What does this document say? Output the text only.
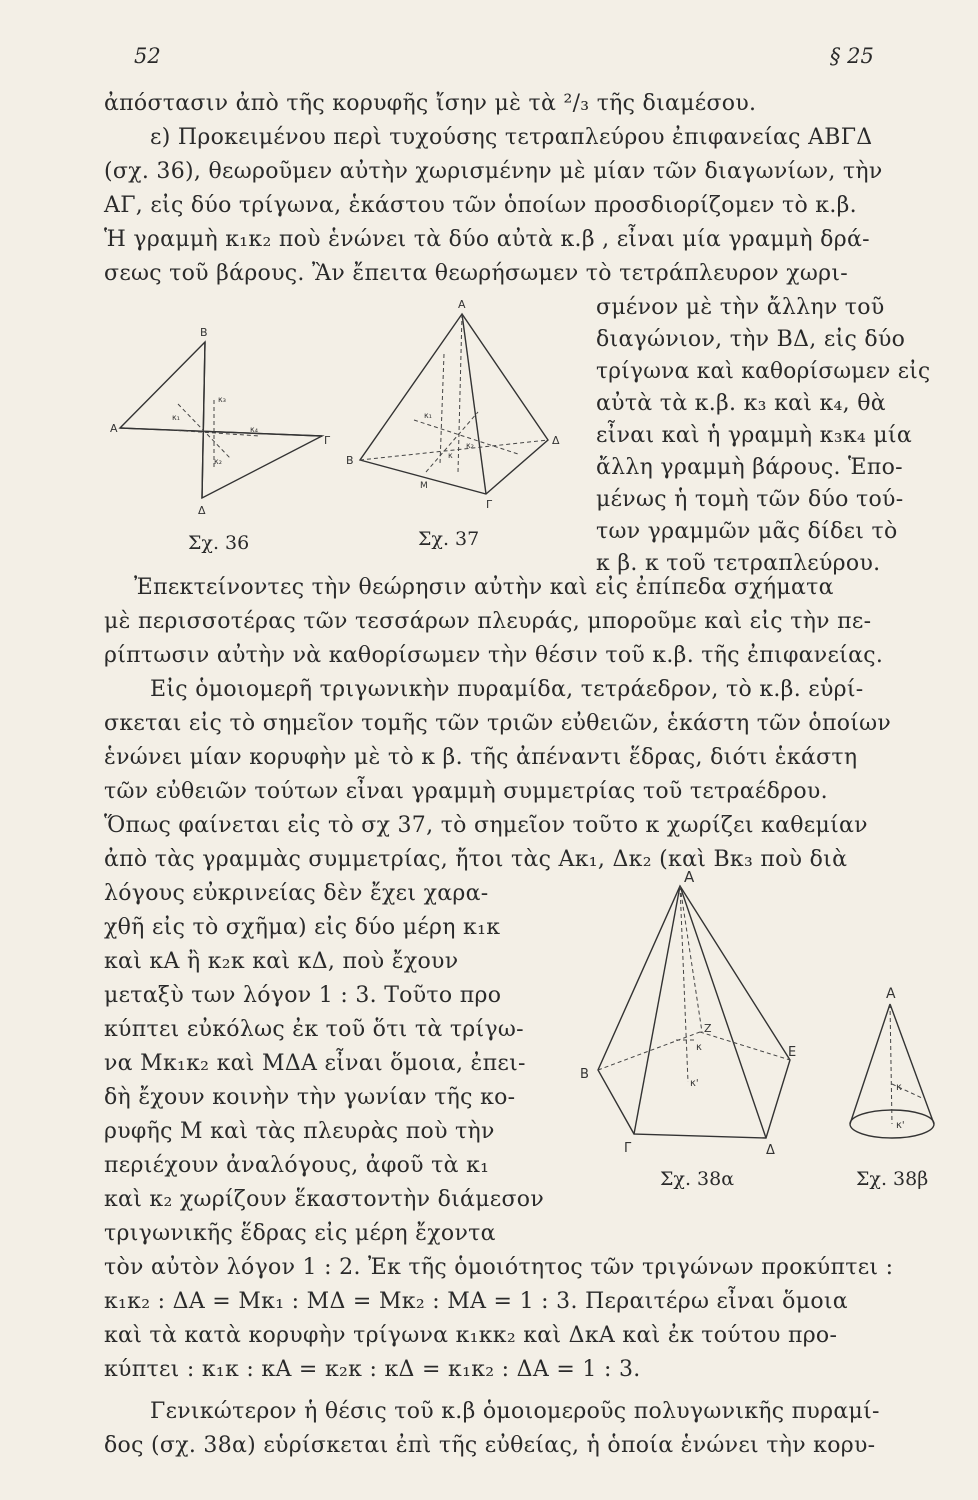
52	§ 25
ἀπόστασιν ἀπὸ τῆς κορυφῆς ἴσην μὲ τὰ ²/₃ τῆς διαμέσου.
ε) Προκειμένου περὶ τυχούσης τετραπλεύρου ἐπιφανείας ΑΒΓΔ
(σχ. 36), θεωροῦμεν αὐτὴν χωρισμένην μὲ μίαν τῶν διαγωνίων, τὴν
ΑΓ, εἰς δύο τρίγωνα, ἑκάστου τῶν ὁποίων προσδιορίζομεν τὸ κ.β.
Ἡ γραμμὴ κ₁κ₂ ποὺ ἑνώνει τὰ δύο αὐτὰ κ.β , εἶναι μία γραμμὴ δρά-
σεως τοῦ βάρους. Ἂν ἔπειτα θεωρήσωμεν τὸ τετράπλευρον χωρι-
σμένον μὲ τὴν ἄλλην τοῦ
διαγώνιον, τὴν ΒΔ, εἰς δύο
τρίγωνα καὶ καθορίσωμεν εἰς
αὐτὰ τὰ κ.β. κ₃ καὶ κ₄, θὰ
εἶναι καὶ ἡ γραμμὴ κ₃κ₄ μία
ἄλλη γραμμὴ βάρους. Ἑπο-
μένως ἡ τομὴ τῶν δύο τού-
των γραμμῶν μᾶς δίδει τὸ
κ β. κ τοῦ τετραπλεύρου.
Β
Α
Γ
Δ
κ₁
κ₂
κ₃
κ₄
Σχ. 36
Α
Β
Γ
Δ
Μ
κ₁
κ₂
κ
Σχ. 37
Ἐπεκτείνοντες τὴν θεώρησιν αὐτὴν καὶ εἰς ἐπίπεδα σχήματα
μὲ περισσοτέρας τῶν τεσσάρων πλευράς, μποροῦμε καὶ εἰς τὴν πε-
ρίπτωσιν αὐτὴν νὰ καθορίσωμεν τὴν θέσιν τοῦ κ.β. τῆς ἐπιφανείας.
Εἰς ὁμοιομερῆ τριγωνικὴν πυραμίδα, τετράεδρον, τὸ κ.β. εὑρί-
σκεται εἰς τὸ σημεῖον τομῆς τῶν τριῶν εὐθειῶν, ἑκάστη τῶν ὁποίων
ἑνώνει μίαν κορυφὴν μὲ τὸ κ β. τῆς ἀπέναντι ἕδρας, διότι ἑκάστη
τῶν εὐθειῶν τούτων εἶναι γραμμὴ συμμετρίας τοῦ τετραέδρου.
Ὅπως φαίνεται εἰς τὸ σχ 37, τὸ σημεῖον τοῦτο κ χωρίζει καθεμίαν
ἀπὸ τὰς γραμμὰς συμμετρίας, ἤτοι τὰς Ακ₁, Δκ₂ (καὶ Βκ₃ ποὺ διὰ
λόγους εὐκρινείας δὲν ἔχει χαρα-
χθῆ εἰς τὸ σχῆμα) εἰς δύο μέρη κ₁κ
καὶ κΑ ἢ κ₂κ καὶ κΔ, ποὺ ἔχουν
μεταξὺ των λόγον 1 : 3. Τοῦτο προ
κύπτει εὐκόλως ἐκ τοῦ ὅτι τὰ τρίγω-
να Μκ₁κ₂ καὶ ΜΔΑ εἶναι ὅμοια, ἐπει-
δὴ ἔχουν κοινὴν τὴν γωνίαν τῆς κο-
ρυφῆς Μ καὶ τὰς πλευρὰς ποὺ τὴν
περιέχουν ἀναλόγους, ἀφοῦ τὰ κ₁
καὶ κ₂ χωρίζουν ἕκαστοντὴν διάμεσον
τριγωνικῆς ἕδρας εἰς μέρη ἔχοντα
Α
Β
Γ	Δ
Ε
Ζ
κ
κ'
Σχ. 38α
Α
κ
κ'
Σχ. 38β
τὸν αὐτὸν λόγον 1 : 2. Ἐκ τῆς ὁμοιότητος τῶν τριγώνων προκύπτει :
κ₁κ₂ : ΔΑ = Μκ₁ : ΜΔ = Μκ₂ : ΜΑ = 1 : 3. Περαιτέρω εἶναι ὅμοια
καὶ τὰ κατὰ κορυφὴν τρίγωνα κ₁κκ₂ καὶ ΔκΑ καὶ ἐκ τούτου προ-
κύπτει : κ₁κ : κΑ = κ₂κ : κΔ = κ₁κ₂ : ΔΑ = 1 : 3.
Γενικώτερον ἡ θέσις τοῦ κ.β ὁμοιομεροῦς πολυγωνικῆς πυραμί-
δος (σχ. 38α) εὑρίσκεται ἐπὶ τῆς εὐθείας, ἡ ὁποία ἑνώνει τὴν κορυ-
